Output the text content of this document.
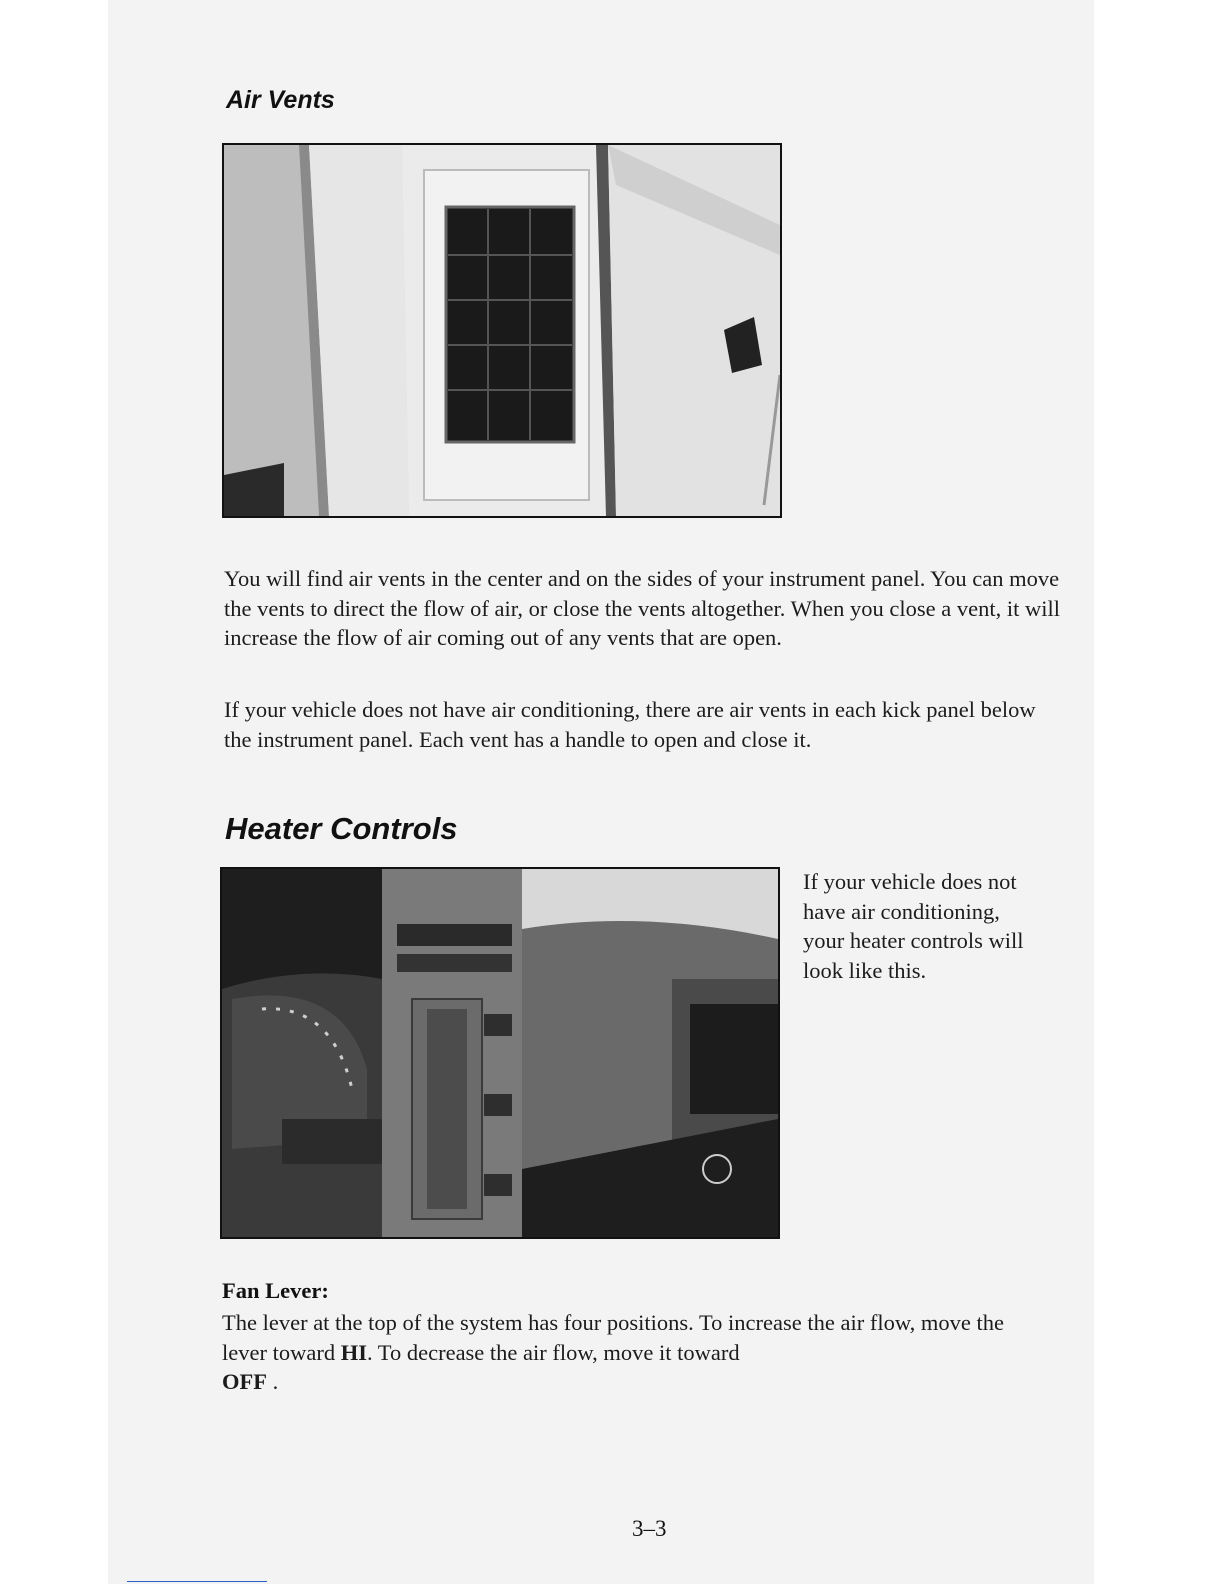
Air Vents

You will find air vents in the center and on the sides of your instrument panel. You can move the vents to direct the flow of air, or close the vents altogether. When you close a vent, it will increase the flow of air coming out of any vents that are open.

If your vehicle does not have air conditioning, there are air vents in each kick panel below the instrument panel. Each vent has a handle to open and close it.

Heater Controls

If your vehicle does not have air conditioning, your heater controls will look like this.

Fan Lever:

The lever at the top of the system has four positions. To increase the air flow, move the lever toward HI. To decrease the air flow, move it toward
OFF .

3–3
